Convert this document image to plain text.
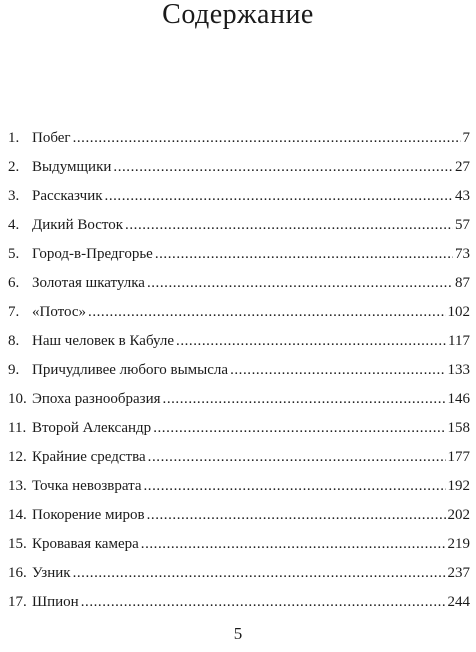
Содержание
1. Побег . . .	7
2. Выдумщики . . .	27
3. Рассказчик . . .	43
4. Дикий Восток . . .	57
5. Город-в-Предгорье . . .	73
6. Золотая шкатулка . . .	87
7. «Потос» . . .	102
8. Наш человек в Кабуле . . .	117
9. Причудливее любого вымысла . . .	133
10. Эпоха разнообразия . . .	146
11. Второй Александр . . .	158
12. Крайние средства . . .	177
13. Точка невозврата . . .	192
14. Покорение миров . . .	202
15. Кровавая камера . . .	219
16. Узник . . .	237
17. Шпион . . .	244
5
